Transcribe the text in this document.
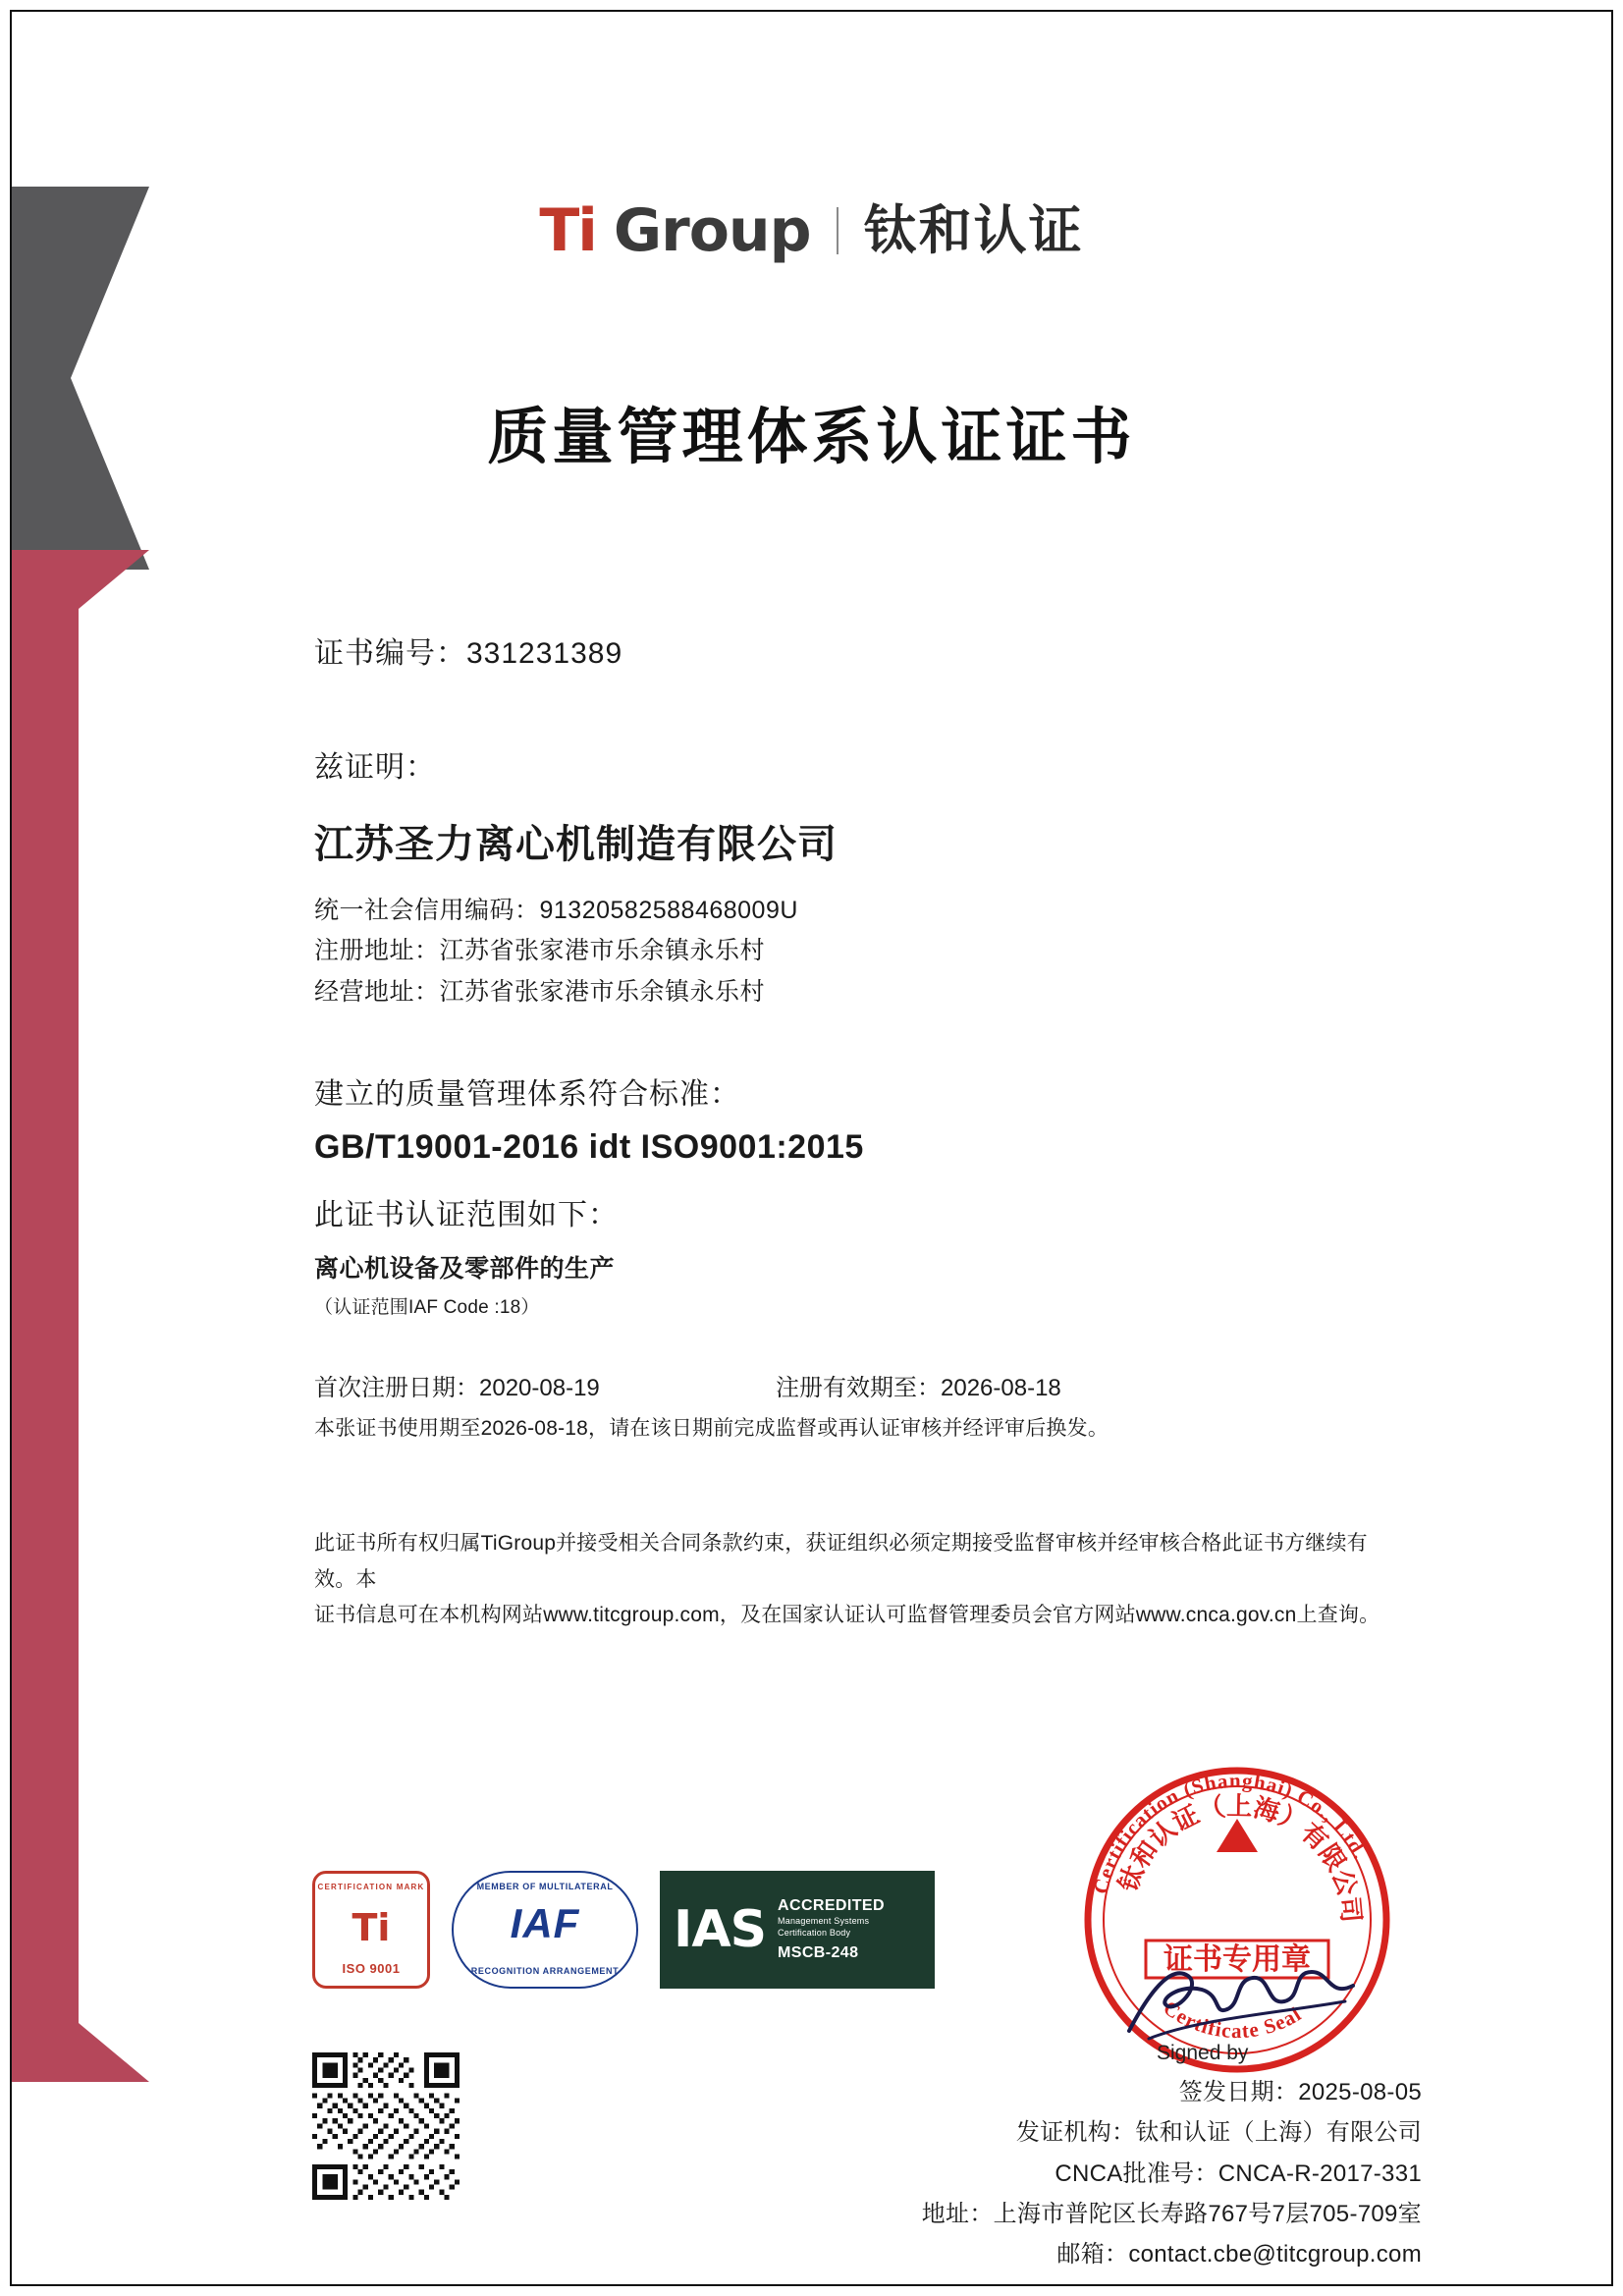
Ti Group 钛和认证
质量管理体系认证证书
证书编号：331231389
兹证明：
江苏圣力离心机制造有限公司
统一社会信用编码：91320582588468009U
注册地址：江苏省张家港市乐余镇永乐村
经营地址：江苏省张家港市乐余镇永乐村
建立的质量管理体系符合标准：
GB/T19001-2016 idt ISO9001:2015
此证书认证范围如下：
离心机设备及零部件的生产
（认证范围IAF Code :18）
首次注册日期：2020-08-19	注册有效期至：2026-08-18
本张证书使用期至2026-08-18，请在该日期前完成监督或再认证审核并经评审后换发。
此证书所有权归属TiGroup并接受相关合同条款约束，获证组织必须定期接受监督审核并经审核合格此证书方继续有效。本
证书信息可在本机构网站www.titcgroup.com，及在国家认证认可监督管理委员会官方网站www.cnca.gov.cn上查询。
CERTIFICATION MARK
Ti
ISO 9001
MEMBER OF MULTILATERAL
IAF
RECOGNITION ARRANGEMENT
IAS ACCREDITED
Management Systems
Certification Body
MSCB-248
Certification (Shanghai) Co., Ltd.
Certificate Seal
钛和认证（上海）有限公司
证书专用章
Signed by
签发日期：2025-08-05
发证机构：钛和认证（上海）有限公司
CNCA批准号：CNCA-R-2017-331
地址：上海市普陀区长寿路767号7层705-709室
邮箱：contact.cbe@titcgroup.com
